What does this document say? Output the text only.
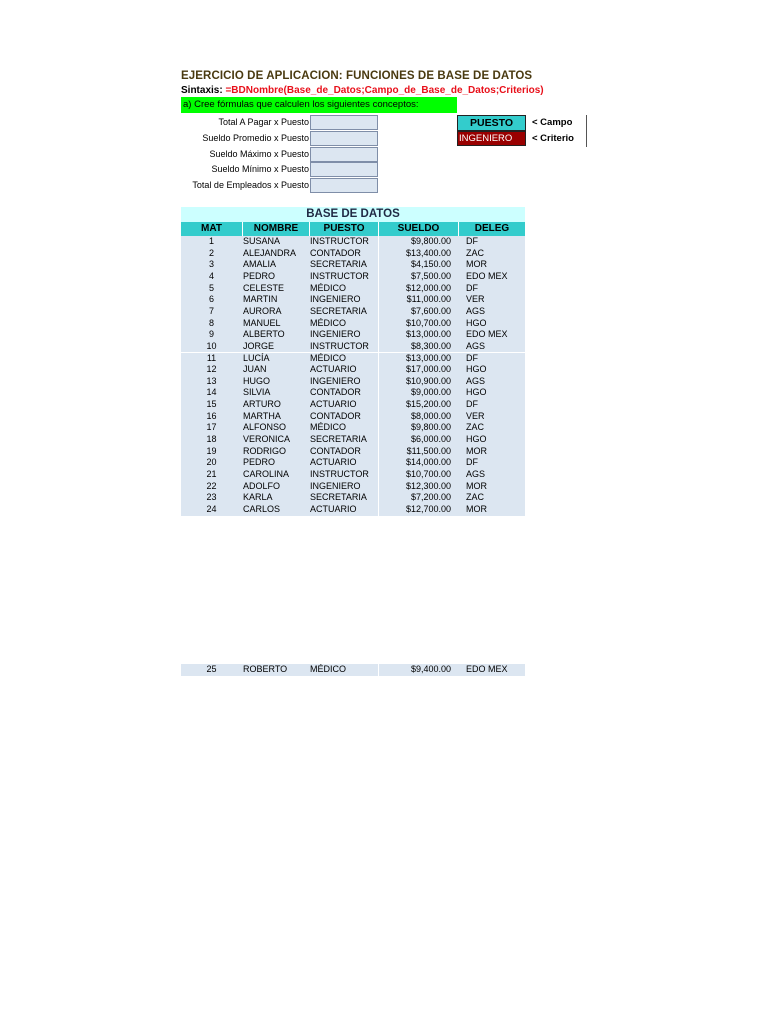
EJERCICIO DE APLICACION: FUNCIONES DE BASE DE DATOS
Sintaxis: =BDNombre(Base_de_Datos;Campo_de_Base_de_Datos;Criterios)
a) Cree fórmulas que calculen los siguientes conceptos:
Total A Pagar x Puesto
Sueldo Promedio x Puesto
Sueldo Máximo x Puesto
Sueldo Mínimo x Puesto
Total de Empleados x Puesto
PUESTO
INGENIERO
< Campo
< Criterio
BASE DE DATOS
MAT	NOMBRE	PUESTO	SUELDO	DELEG
1	SUSANA	INSTRUCTOR	$9,800.00	DF
2	ALEJANDRA	CONTADOR	$13,400.00	ZAC
3	AMALIA	SECRETARIA	$4,150.00	MOR
4	PEDRO	INSTRUCTOR	$7,500.00	EDO MEX
5	CELESTE	MÉDICO	$12,000.00	DF
6	MARTIN	INGENIERO	$11,000.00	VER
7	AURORA	SECRETARIA	$7,600.00	AGS
8	MANUEL	MÉDICO	$10,700.00	HGO
9	ALBERTO	INGENIERO	$13,000.00	EDO MEX
10	JORGE	INSTRUCTOR	$8,300.00	AGS
11	LUCÍA	MÉDICO	$13,000.00	DF
12	JUAN	ACTUARIO	$17,000.00	HGO
13	HUGO	INGENIERO	$10,900.00	AGS
14	SILVIA	CONTADOR	$9,000.00	HGO
15	ARTURO	ACTUARIO	$15,200.00	DF
16	MARTHA	CONTADOR	$8,000.00	VER
17	ALFONSO	MÉDICO	$9,800.00	ZAC
18	VERONICA	SECRETARIA	$6,000.00	HGO
19	RODRIGO	CONTADOR	$11,500.00	MOR
20	PEDRO	ACTUARIO	$14,000.00	DF
21	CAROLINA	INSTRUCTOR	$10,700.00	AGS
22	ADOLFO	INGENIERO	$12,300.00	MOR
23	KARLA	SECRETARIA	$7,200.00	ZAC
24	CARLOS	ACTUARIO	$12,700.00	MOR
25	ROBERTO	MÉDICO	$9,400.00	EDO MEX
